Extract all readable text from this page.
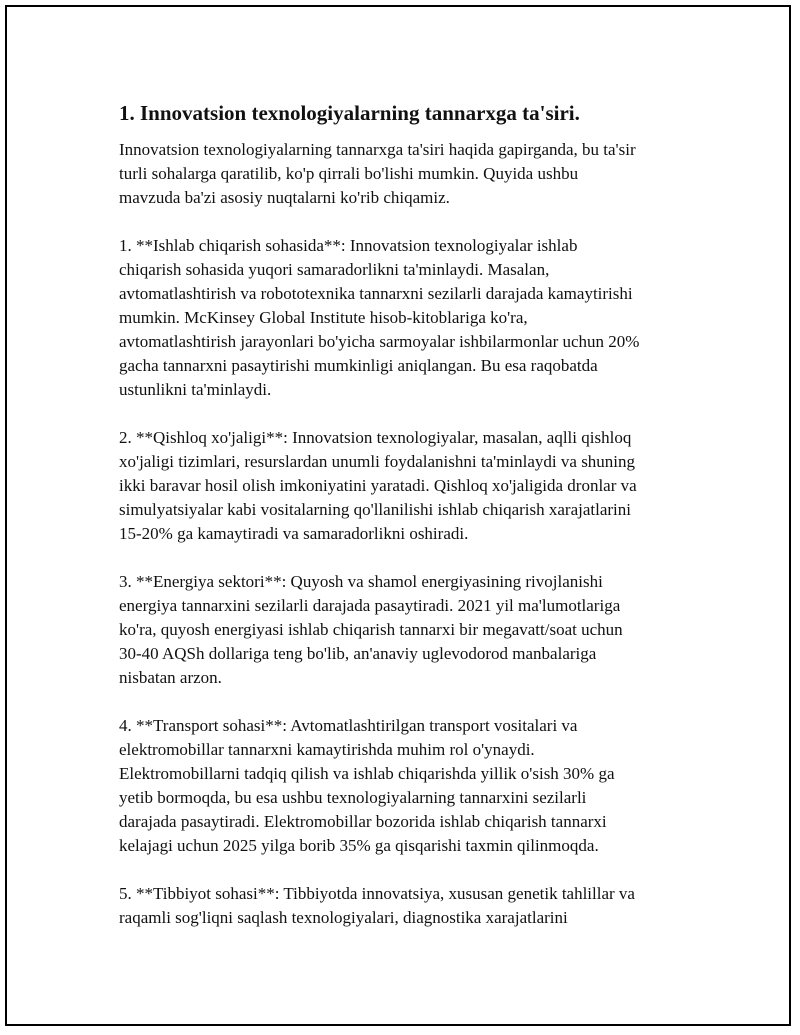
1. Innovatsion texnologiyalarning tannarxga ta'siri.

Innovatsion texnologiyalarning tannarxga ta'siri haqida gapirganda, bu ta'sir
turli sohalarga qaratilib, ko'p qirrali bo'lishi mumkin. Quyida ushbu
mavzuda ba'zi asosiy nuqtalarni ko'rib chiqamiz.

1. **Ishlab chiqarish sohasida**: Innovatsion texnologiyalar ishlab
chiqarish sohasida yuqori samaradorlikni ta'minlaydi. Masalan,
avtomatlashtirish va robototexnika tannarxni sezilarli darajada kamaytirishi
mumkin. McKinsey Global Institute hisob-kitoblariga ko'ra,
avtomatlashtirish jarayonlari bo'yicha sarmoyalar ishbilarmonlar uchun 20%
gacha tannarxni pasaytirishi mumkinligi aniqlangan. Bu esa raqobatda
ustunlikni ta'minlaydi.

2. **Qishloq xo'jaligi**: Innovatsion texnologiyalar, masalan, aqlli qishloq
xo'jaligi tizimlari, resurslardan unumli foydalanishni ta'minlaydi va shuning
ikki baravar hosil olish imkoniyatini yaratadi. Qishloq xo'jaligida dronlar va
simulyatsiyalar kabi vositalarning qo'llanilishi ishlab chiqarish xarajatlarini
15-20% ga kamaytiradi va samaradorlikni oshiradi.

3. **Energiya sektori**: Quyosh va shamol energiyasining rivojlanishi
energiya tannarxini sezilarli darajada pasaytiradi. 2021 yil ma'lumotlariga
ko'ra, quyosh energiyasi ishlab chiqarish tannarxi bir megavatt/soat uchun
30-40 AQSh dollariga teng bo'lib, an'anaviy uglevodorod manbalariga
nisbatan arzon.

4. **Transport sohasi**: Avtomatlashtirilgan transport vositalari va
elektromobillar tannarxni kamaytirishda muhim rol o'ynaydi.
Elektromobillarni tadqiq qilish va ishlab chiqarishda yillik o'sish 30% ga
yetib bormoqda, bu esa ushbu texnologiyalarning tannarxini sezilarli
darajada pasaytiradi. Elektromobillar bozorida ishlab chiqarish tannarxi
kelajagi uchun 2025 yilga borib 35% ga qisqarishi taxmin qilinmoqda.

5. **Tibbiyot sohasi**: Tibbiyotda innovatsiya, xususan genetik tahlillar va
raqamli sog'liqni saqlash texnologiyalari, diagnostika xarajatlarini
